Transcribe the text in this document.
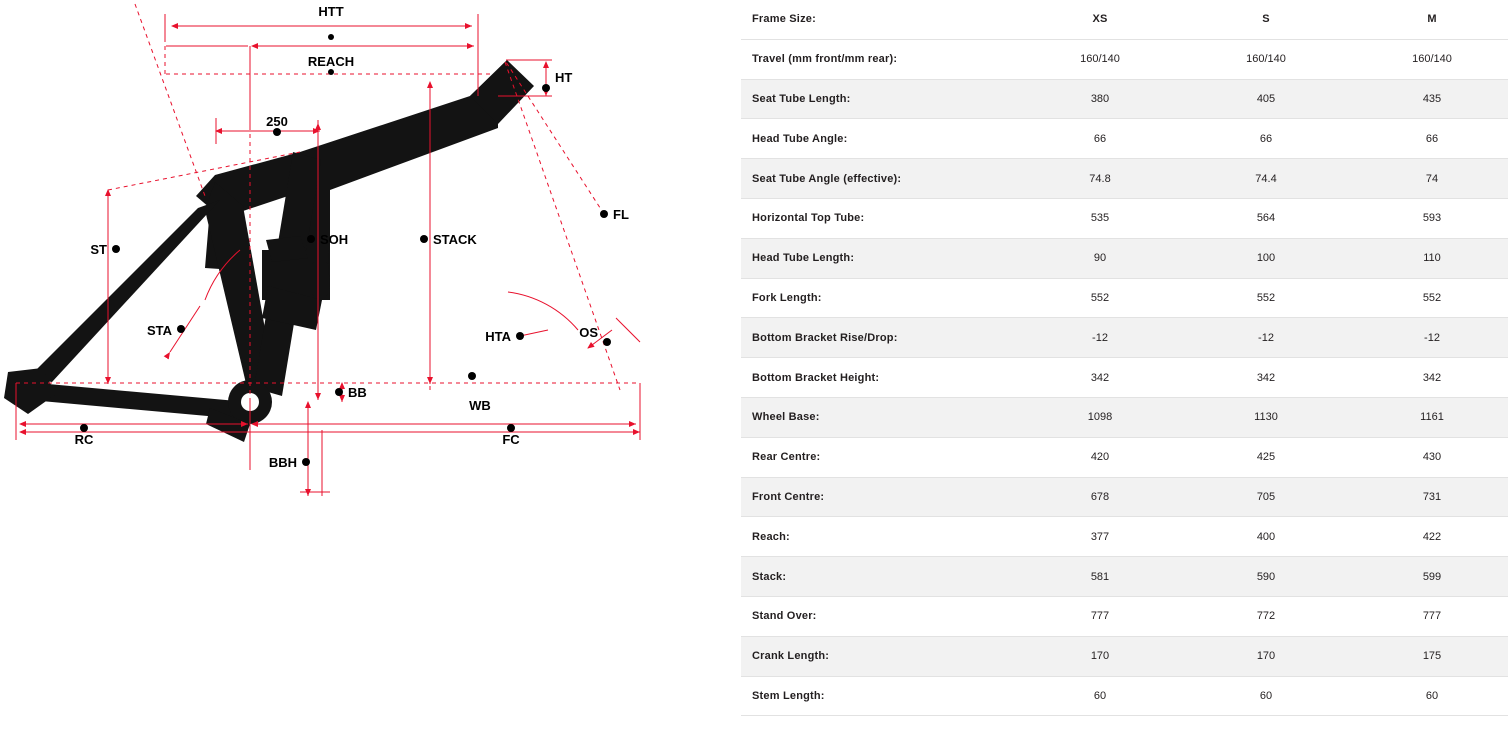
HTT
REACH
HT
250
FL
ST
SOH	STACK
STA	HTA	OS
BB
WB
RC	FC
BBH
Frame Size:	XS	S	M
Travel (mm front/mm rear):	160/140	160/140	160/140
Seat Tube Length:	380	405	435
Head Tube Angle:	66	66	66
Seat Tube Angle (effective):	74.8	74.4	74
Horizontal Top Tube:	535	564	593
Head Tube Length:	90	100	110
Fork Length:	552	552	552
Bottom Bracket Rise/Drop:	-12	-12	-12
Bottom Bracket Height:	342	342	342
Wheel Base:	1098	1130	1161
Rear Centre:	420	425	430
Front Centre:	678	705	731
Reach:	377	400	422
Stack:	581	590	599
Stand Over:	777	772	777
Crank Length:	170	170	175
Stem Length:	60	60	60
